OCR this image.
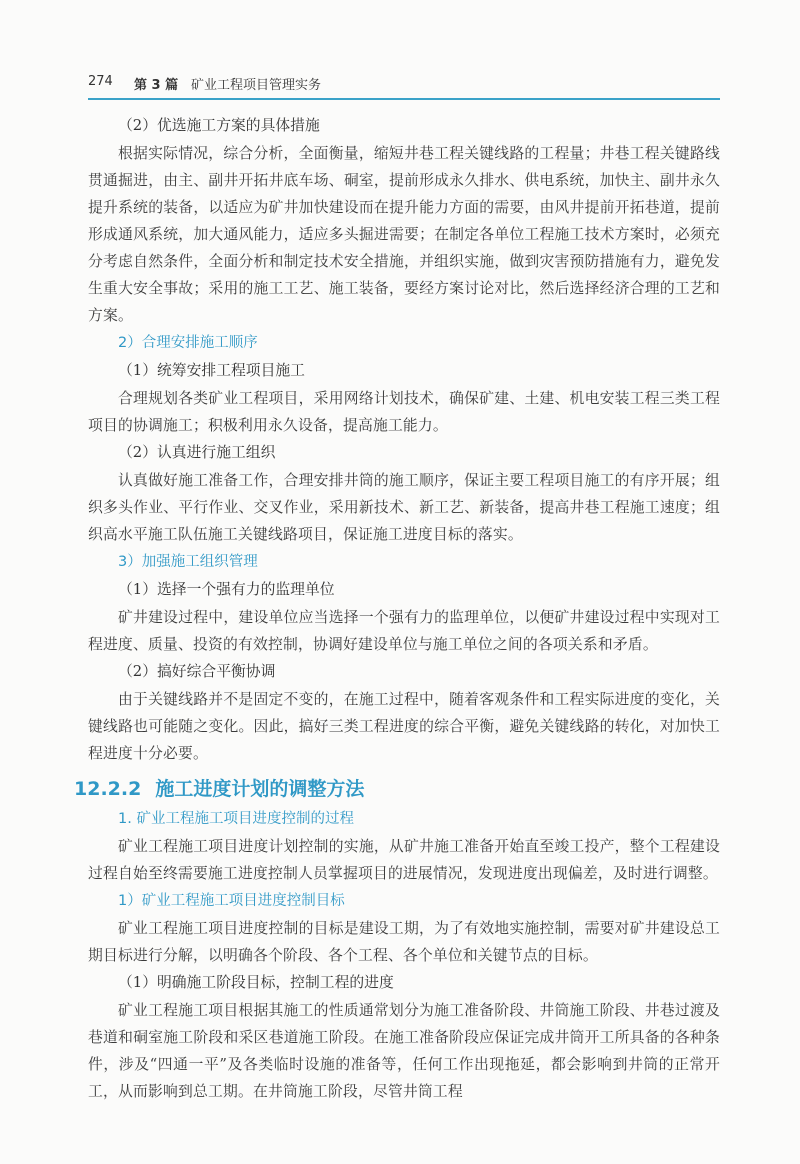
274 第 3 篇 矿业工程项目管理实务

（2）优选施工方案的具体措施

根据实际情况，综合分析，全面衡量，缩短井巷工程关键线路的工程量；井巷工程关键路线贯通掘进，由主、副井开拓井底车场、硐室，提前形成永久排水、供电系统，加快主、副井永久提升系统的装备，以适应为矿井加快建设而在提升能力方面的需要，由风井提前开拓巷道，提前形成通风系统，加大通风能力，适应多头掘进需要；在制定各单位工程施工技术方案时，必须充分考虑自然条件，全面分析和制定技术安全措施，并组织实施，做到灾害预防措施有力，避免发生重大安全事故；采用的施工工艺、施工装备，要经方案讨论对比，然后选择经济合理的工艺和方案。

2）合理安排施工顺序

（1）统筹安排工程项目施工

合理规划各类矿业工程项目，采用网络计划技术，确保矿建、土建、机电安装工程三类工程项目的协调施工；积极利用永久设备，提高施工能力。

（2）认真进行施工组织

认真做好施工准备工作，合理安排井筒的施工顺序，保证主要工程项目施工的有序开展；组织多头作业、平行作业、交叉作业，采用新技术、新工艺、新装备，提高井巷工程施工速度；组织高水平施工队伍施工关键线路项目，保证施工进度目标的落实。

3）加强施工组织管理

（1）选择一个强有力的监理单位

矿井建设过程中，建设单位应当选择一个强有力的监理单位，以便矿井建设过程中实现对工程进度、质量、投资的有效控制，协调好建设单位与施工单位之间的各项关系和矛盾。

（2）搞好综合平衡协调

由于关键线路并不是固定不变的，在施工过程中，随着客观条件和工程实际进度的变化，关键线路也可能随之变化。因此，搞好三类工程进度的综合平衡，避免关键线路的转化，对加快工程进度十分必要。

12.2.2 施工进度计划的调整方法

1. 矿业工程施工项目进度控制的过程

矿业工程施工项目进度计划控制的实施，从矿井施工准备开始直至竣工投产，整个工程建设过程自始至终需要施工进度控制人员掌握项目的进展情况，发现进度出现偏差，及时进行调整。

1）矿业工程施工项目进度控制目标

矿业工程施工项目进度控制的目标是建设工期，为了有效地实施控制，需要对矿井建设总工期目标进行分解，以明确各个阶段、各个工程、各个单位和关键节点的目标。

（1）明确施工阶段目标，控制工程的进度

矿业工程施工项目根据其施工的性质通常划分为施工准备阶段、井筒施工阶段、井巷过渡及巷道和硐室施工阶段和采区巷道施工阶段。在施工准备阶段应保证完成井筒开工所具备的各种条件，涉及“四通一平”及各类临时设施的准备等，任何工作出现拖延，都会影响到井筒的正常开工，从而影响到总工期。在井筒施工阶段，尽管井筒工程
